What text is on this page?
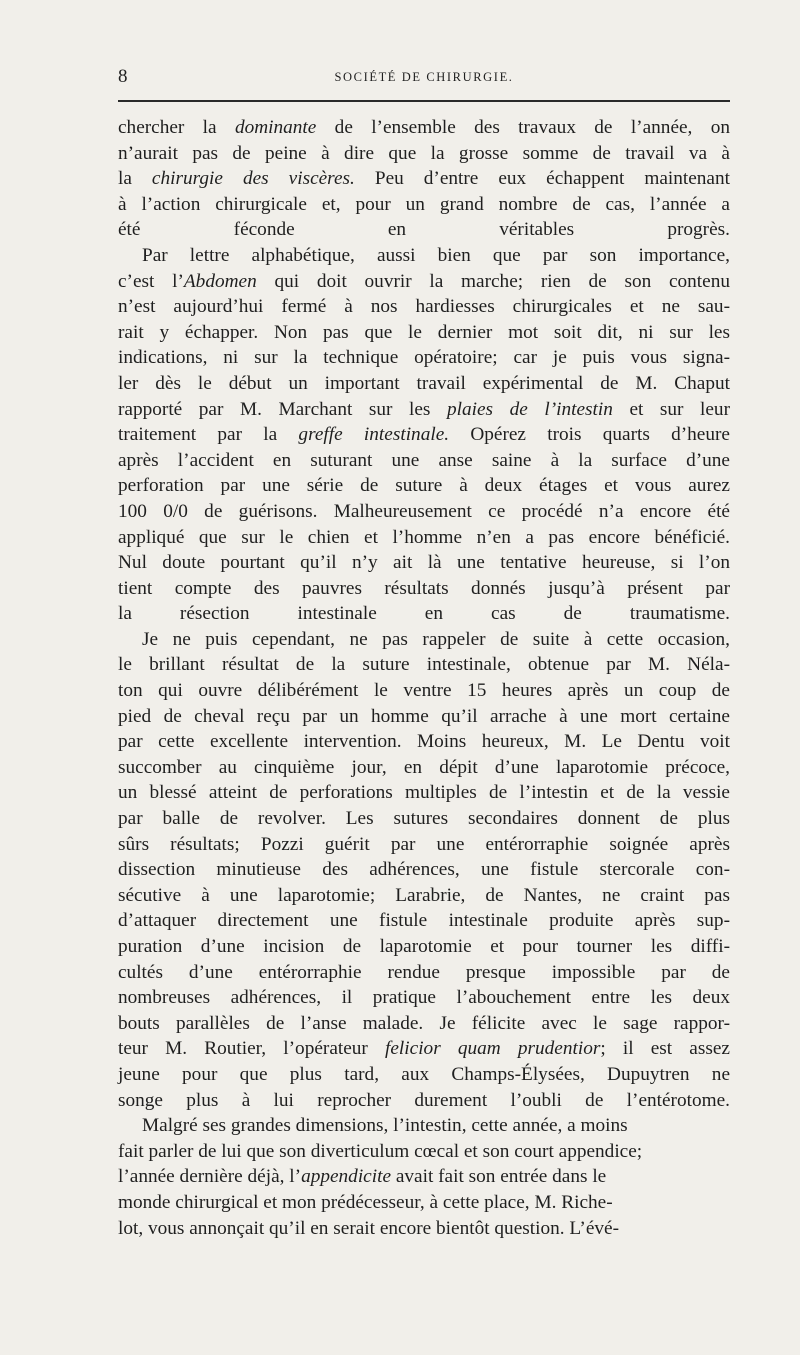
8	SOCIÉTÉ DE CHIRURGIE.

chercher la dominante de l’ensemble des travaux de l’année, on
n’aurait pas de peine à dire que la grosse somme de travail va à
la chirurgie des viscères. Peu d’entre eux échappent maintenant
à l’action chirurgicale et, pour un grand nombre de cas, l’année a
été féconde en véritables progrès.

Par lettre alphabétique, aussi bien que par son importance,
c’est l’Abdomen qui doit ouvrir la marche; rien de son contenu
n’est aujourd’hui fermé à nos hardiesses chirurgicales et ne sau-
rait y échapper. Non pas que le dernier mot soit dit, ni sur les
indications, ni sur la technique opératoire; car je puis vous signa-
ler dès le début un important travail expérimental de M. Chaput
rapporté par M. Marchant sur les plaies de l’intestin et sur leur
traitement par la greffe intestinale. Opérez trois quarts d’heure
après l’accident en suturant une anse saine à la surface d’une
perforation par une série de suture à deux étages et vous aurez
100 0/0 de guérisons. Malheureusement ce procédé n’a encore été
appliqué que sur le chien et l’homme n’en a pas encore bénéficié.
Nul doute pourtant qu’il n’y ait là une tentative heureuse, si l’on
tient compte des pauvres résultats donnés jusqu’à présent par
la résection intestinale en cas de traumatisme.

Je ne puis cependant, ne pas rappeler de suite à cette occasion,
le brillant résultat de la suture intestinale, obtenue par M. Néla-
ton qui ouvre délibérément le ventre 15 heures après un coup de
pied de cheval reçu par un homme qu’il arrache à une mort certaine
par cette excellente intervention. Moins heureux, M. Le Dentu voit
succomber au cinquième jour, en dépit d’une laparotomie précoce,
un blessé atteint de perforations multiples de l’intestin et de la vessie
par balle de revolver. Les sutures secondaires donnent de plus
sûrs résultats; Pozzi guérit par une entérorraphie soignée après
dissection minutieuse des adhérences, une fistule stercorale con-
sécutive à une laparotomie; Larabrie, de Nantes, ne craint pas
d’attaquer directement une fistule intestinale produite après sup-
puration d’une incision de laparotomie et pour tourner les diffi-
cultés d’une entérorraphie rendue presque impossible par de
nombreuses adhérences, il pratique l’abouchement entre les deux
bouts parallèles de l’anse malade. Je félicite avec le sage rappor-
teur M. Routier, l’opérateur felicior quam prudentior; il est assez
jeune pour que plus tard, aux Champs-Élysées, Dupuytren ne
songe plus à lui reprocher durement l’oubli de l’entérotome.

Malgré ses grandes dimensions, l’intestin, cette année, a moins
fait parler de lui que son diverticulum cœcal et son court appendice;
l’année dernière déjà, l’appendicite avait fait son entrée dans le
monde chirurgical et mon prédécesseur, à cette place, M. Riche-
lot, vous annonçait qu’il en serait encore bientôt question. L’évé-
